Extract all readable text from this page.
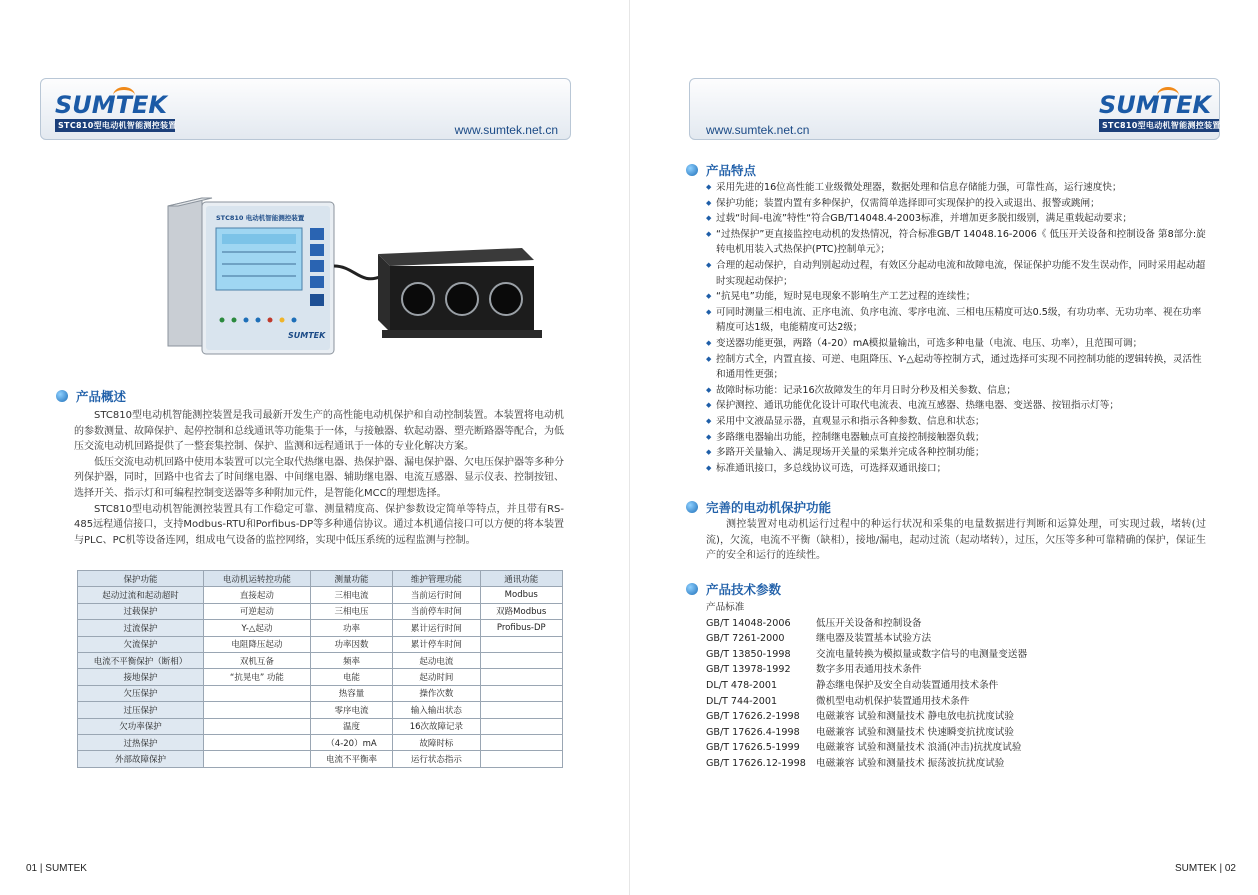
SUMTEK
STC810型电动机智能测控装置	www.sumtek.net.cn	www.sumtek.net.cn
SUMTEK
STC810型电动机智能测控装置
STC810 电动机智能测控装置
SUMTEK
产品概述

STC810型电动机智能测控装置是我司最新开发生产的高性能电动机保护和自动控制装置。本装置将电动机的参数测量、故障保护、起停控制和总线通讯等功能集于一体，与接触器、软起动器、塑壳断路器等配合，为低压交流电动机回路提供了一整套集控制、保护、监测和远程通讯于一体的专业化解决方案。

低压交流电动机回路中使用本装置可以完全取代热继电器、热保护器、漏电保护器、欠电压保护器等多种分列保护器，同时，回路中也省去了时间继电器、中间继电器、辅助继电器、电流互感器、显示仪表、控制按钮、选择开关、指示灯和可编程控制变送器等多种附加元件，是智能化MCC的理想选择。

STC810型电动机智能测控装置具有工作稳定可靠、测量精度高、保护参数设定简单等特点，并且带有RS-485远程通信接口，支持Modbus-RTU和Porfibus-DP等多种通信协议。通过本机通信接口可以方便的将本装置与PLC、PC机等设备连网，组成电气设备的监控网络，实现中低压系统的远程监测与控制。

保护功能	电动机运转控功能	测量功能	维护管理功能	通讯功能
起动过流和起动超时	直接起动	三相电流	当前运行时间	Modbus
过载保护	可逆起动	三相电压	当前停车时间	双路Modbus
过流保护	Y-△起动	功率	累计运行时间	Profibus-DP
欠流保护	电阻降压起动	功率因数	累计停车时间	
电流不平衡保护（断相）	双机互备	频率	起动电流	
接地保护	“抗晃电” 功能	电能	起动时间	
欠压保护		热容量	操作次数	
过压保护		零序电流	输入输出状态	
欠功率保护		温度	16次故障记录	
过热保护		（4-20）mA	故障时标	
外部故障保护		电流不平衡率	运行状态指示	
01 | SUMTEK
产品特点
◆ 采用先进的16位高性能工业级微处理器，数据处理和信息存储能力强，可靠性高，运行速度快；
◆ 保护功能；装置内置有多种保护，仅需简单选择即可实现保护的投入或退出、报警或跳闸；
◆ 过载“时间-电流”特性“符合GB/T14048.4-2003标准，并增加更多脱扣级别，满足重载起动要求；
◆ “过热保护”更直接监控电动机的发热情况，符合标准GB/T 14048.16-2006《 低压开关设备和控制设备 第8部分:旋转电机用装入式热保护(PTC)控制单元》；
◆ 合理的起动保护，自动判别起动过程，有效区分起动电流和故障电流，保证保护功能不发生误动作，同时采用起动超时实现起动保护；
◆ “抗晃电”功能，短时晃电现象不影响生产工艺过程的连续性；
◆ 可同时测量三相电流、正序电流、负序电流、零序电流、三相电压精度可达0.5级，有功功率、无功功率、视在功率精度可达1级，电能精度可达2级；
◆ 变送器功能更强，两路（4-20）mA模拟量输出，可选多种电量（电流、电压、功率），且范围可调；
◆ 控制方式全，内置直接、可逆、电阻降压、Y-△起动等控制方式，通过选择可实现不同控制功能的逻辑转换，灵活性和通用性更强；
◆ 故障时标功能：记录16次故障发生的年月日时分秒及相关参数、信息；
◆ 保护测控、通讯功能优化设计可取代电流表、电流互感器、热继电器、变送器、按钮指示灯等；
◆ 采用中文液晶显示器，直观显示和指示各种参数、信息和状态；
◆ 多路继电器输出功能，控制继电器触点可直接控制接触器负载；
◆ 多路开关量输入、满足现场开关量的采集并完成各种控制功能；
◆ 标准通讯接口，多总线协议可选，可选择双通讯接口；
完善的电动机保护功能

测控装置对电动机运行过程中的种运行状况和采集的电量数据进行判断和运算处理，可实现过载，堵转(过流)，欠流，电流不平衡（缺相），接地/漏电，起动过流（起动堵转），过压，欠压等多种可靠精确的保护，保证生产的安全和运行的连续性。

产品技术参数
产品标准
GB/T 14048-2006	低压开关设备和控制设备
GB/T 7261-2000	继电器及装置基本试验方法
GB/T 13850-1998	交流电量转换为模拟量或数字信号的电测量变送器
GB/T 13978-1992	数字多用表通用技术条件
DL/T 478-2001	静态继电保护及安全自动装置通用技术条件
DL/T 744-2001	微机型电动机保护装置通用技术条件
GB/T 17626.2-1998	电磁兼容 试验和测量技术 静电放电抗扰度试验
GB/T 17626.4-1998	电磁兼容 试验和测量技术 快速瞬变抗扰度试验
GB/T 17626.5-1999	电磁兼容 试验和测量技术 浪涌(冲击)抗扰度试验
GB/T 17626.12-1998	电磁兼容 试验和测量技术 振荡波抗扰度试验
SUMTEK | 02
